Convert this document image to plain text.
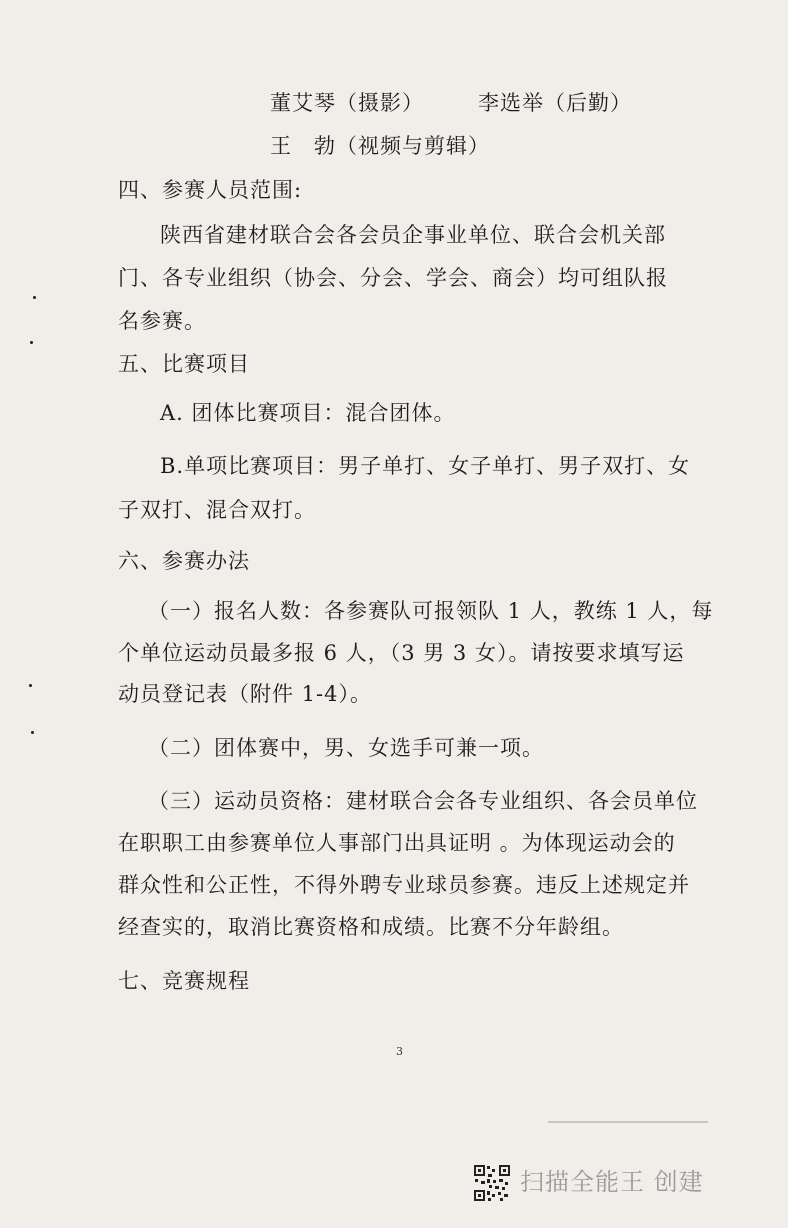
董艾琴（摄影）	李选举（后勤）
王　勃（视频与剪辑）
四、参赛人员范围:
陕西省建材联合会各会员企事业单位、联合会机关部
门、各专业组织（协会、分会、学会、商会）均可组队报
名参赛。
五、比赛项目
A. 团体比赛项目：混合团体。
B.单项比赛项目：男子单打、女子单打、男子双打、女
子双打、混合双打。
六、参赛办法
（一）报名人数：各参赛队可报领队 1 人，教练 1 人，每
个单位运动员最多报 6 人，（3 男 3 女）。请按要求填写运
动员登记表（附件 1-4）。
（二）团体赛中，男、女选手可兼一项。
（三）运动员资格：建材联合会各专业组织、各会员单位
在职职工由参赛单位人事部门出具证明 。为体现运动会的
群众性和公正性，不得外聘专业球员参赛。违反上述规定并
经查实的，取消比赛资格和成绩。比赛不分年龄组。
七、竞赛规程
3
扫描全能王 创建
